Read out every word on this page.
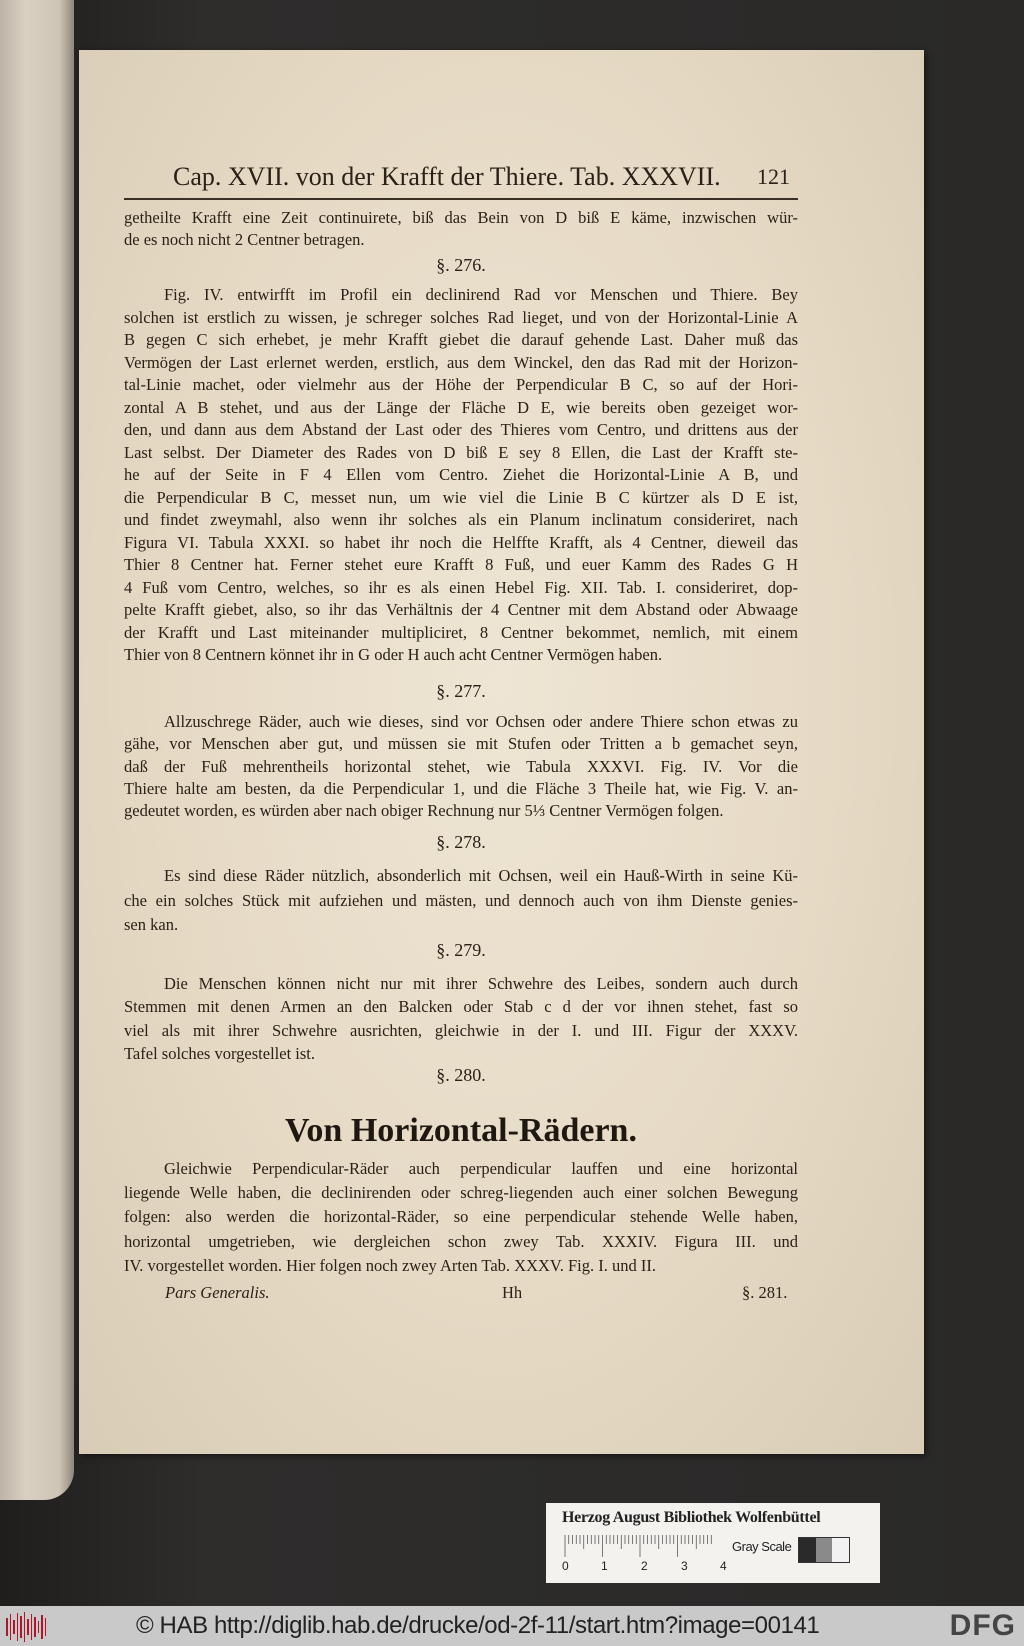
Cap. XVII. von der Krafft der Thiere. Tab. XXXVII. 121
getheilte Krafft eine Zeit continuirete, biß das Bein von D biß E käme, inzwischen wür-
de es noch nicht 2 Centner betragen.
§. 276.
Fig. IV. entwirfft im Profil ein declinirend Rad vor Menschen und Thiere. Bey
solchen ist erstlich zu wissen, je schreger solches Rad lieget, und von der Horizontal-Linie A
B gegen C sich erhebet, je mehr Krafft giebet die darauf gehende Last. Daher muß das
Vermögen der Last erlernet werden, erstlich, aus dem Winckel, den das Rad mit der Horizon-
tal-Linie machet, oder vielmehr aus der Höhe der Perpendicular B C, so auf der Hori-
zontal A B stehet, und aus der Länge der Fläche D E, wie bereits oben gezeiget wor-
den, und dann aus dem Abstand der Last oder des Thieres vom Centro, und drittens aus der
Last selbst. Der Diameter des Rades von D biß E sey 8 Ellen, die Last der Krafft ste-
he auf der Seite in F 4 Ellen vom Centro. Ziehet die Horizontal-Linie A B, und
die Perpendicular B C, messet nun, um wie viel die Linie B C kürtzer als D E ist,
und findet zweymahl, also wenn ihr solches als ein Planum inclinatum consideriret, nach
Figura VI. Tabula XXXI. so habet ihr noch die Helffte Krafft, als 4 Centner, dieweil das
Thier 8 Centner hat. Ferner stehet eure Krafft 8 Fuß, und euer Kamm des Rades G H
4 Fuß vom Centro, welches, so ihr es als einen Hebel Fig. XII. Tab. I. consideriret, dop-
pelte Krafft giebet, also, so ihr das Verhältnis der 4 Centner mit dem Abstand oder Abwaage
der Krafft und Last miteinander multipliciret, 8 Centner bekommet, nemlich, mit einem
Thier von 8 Centnern könnet ihr in G oder H auch acht Centner Vermögen haben.
§. 277.
Allzuschrege Räder, auch wie dieses, sind vor Ochsen oder andere Thiere schon etwas zu
gähe, vor Menschen aber gut, und müssen sie mit Stufen oder Tritten a b gemachet seyn,
daß der Fuß mehrentheils horizontal stehet, wie Tabula XXXVI. Fig. IV. Vor die
Thiere halte am besten, da die Perpendicular 1, und die Fläche 3 Theile hat, wie Fig. V. an-
gedeutet worden, es würden aber nach obiger Rechnung nur 5⅓ Centner Vermögen folgen.
§. 278.
Es sind diese Räder nützlich, absonderlich mit Ochsen, weil ein Hauß-Wirth in seine Kü-
che ein solches Stück mit aufziehen und mästen, und dennoch auch von ihm Dienste genies-
sen kan.
§. 279.
Die Menschen können nicht nur mit ihrer Schwehre des Leibes, sondern auch durch
Stemmen mit denen Armen an den Balcken oder Stab c d der vor ihnen stehet, fast so
viel als mit ihrer Schwehre ausrichten, gleichwie in der I. und III. Figur der XXXV.
Tafel solches vorgestellet ist.
§. 280.
Von Horizontal-Rädern.
Gleichwie Perpendicular-Räder auch perpendicular lauffen und eine horizontal
liegende Welle haben, die declinirenden oder schreg-liegenden auch einer solchen Bewegung
folgen: also werden die horizontal-Räder, so eine perpendicular stehende Welle haben,
horizontal umgetrieben, wie dergleichen schon zwey Tab. XXXIV. Figura III. und
IV. vorgestellet worden. Hier folgen noch zwey Arten Tab. XXXV. Fig. I. und II.
Pars Generalis.	Hh	§. 281.
Herzog August Bibliothek Wolfenbüttel
0	1	2	3	4
Gray Scale
© HAB http://diglib.hab.de/drucke/od-2f-11/start.htm?image=00141	DFG
